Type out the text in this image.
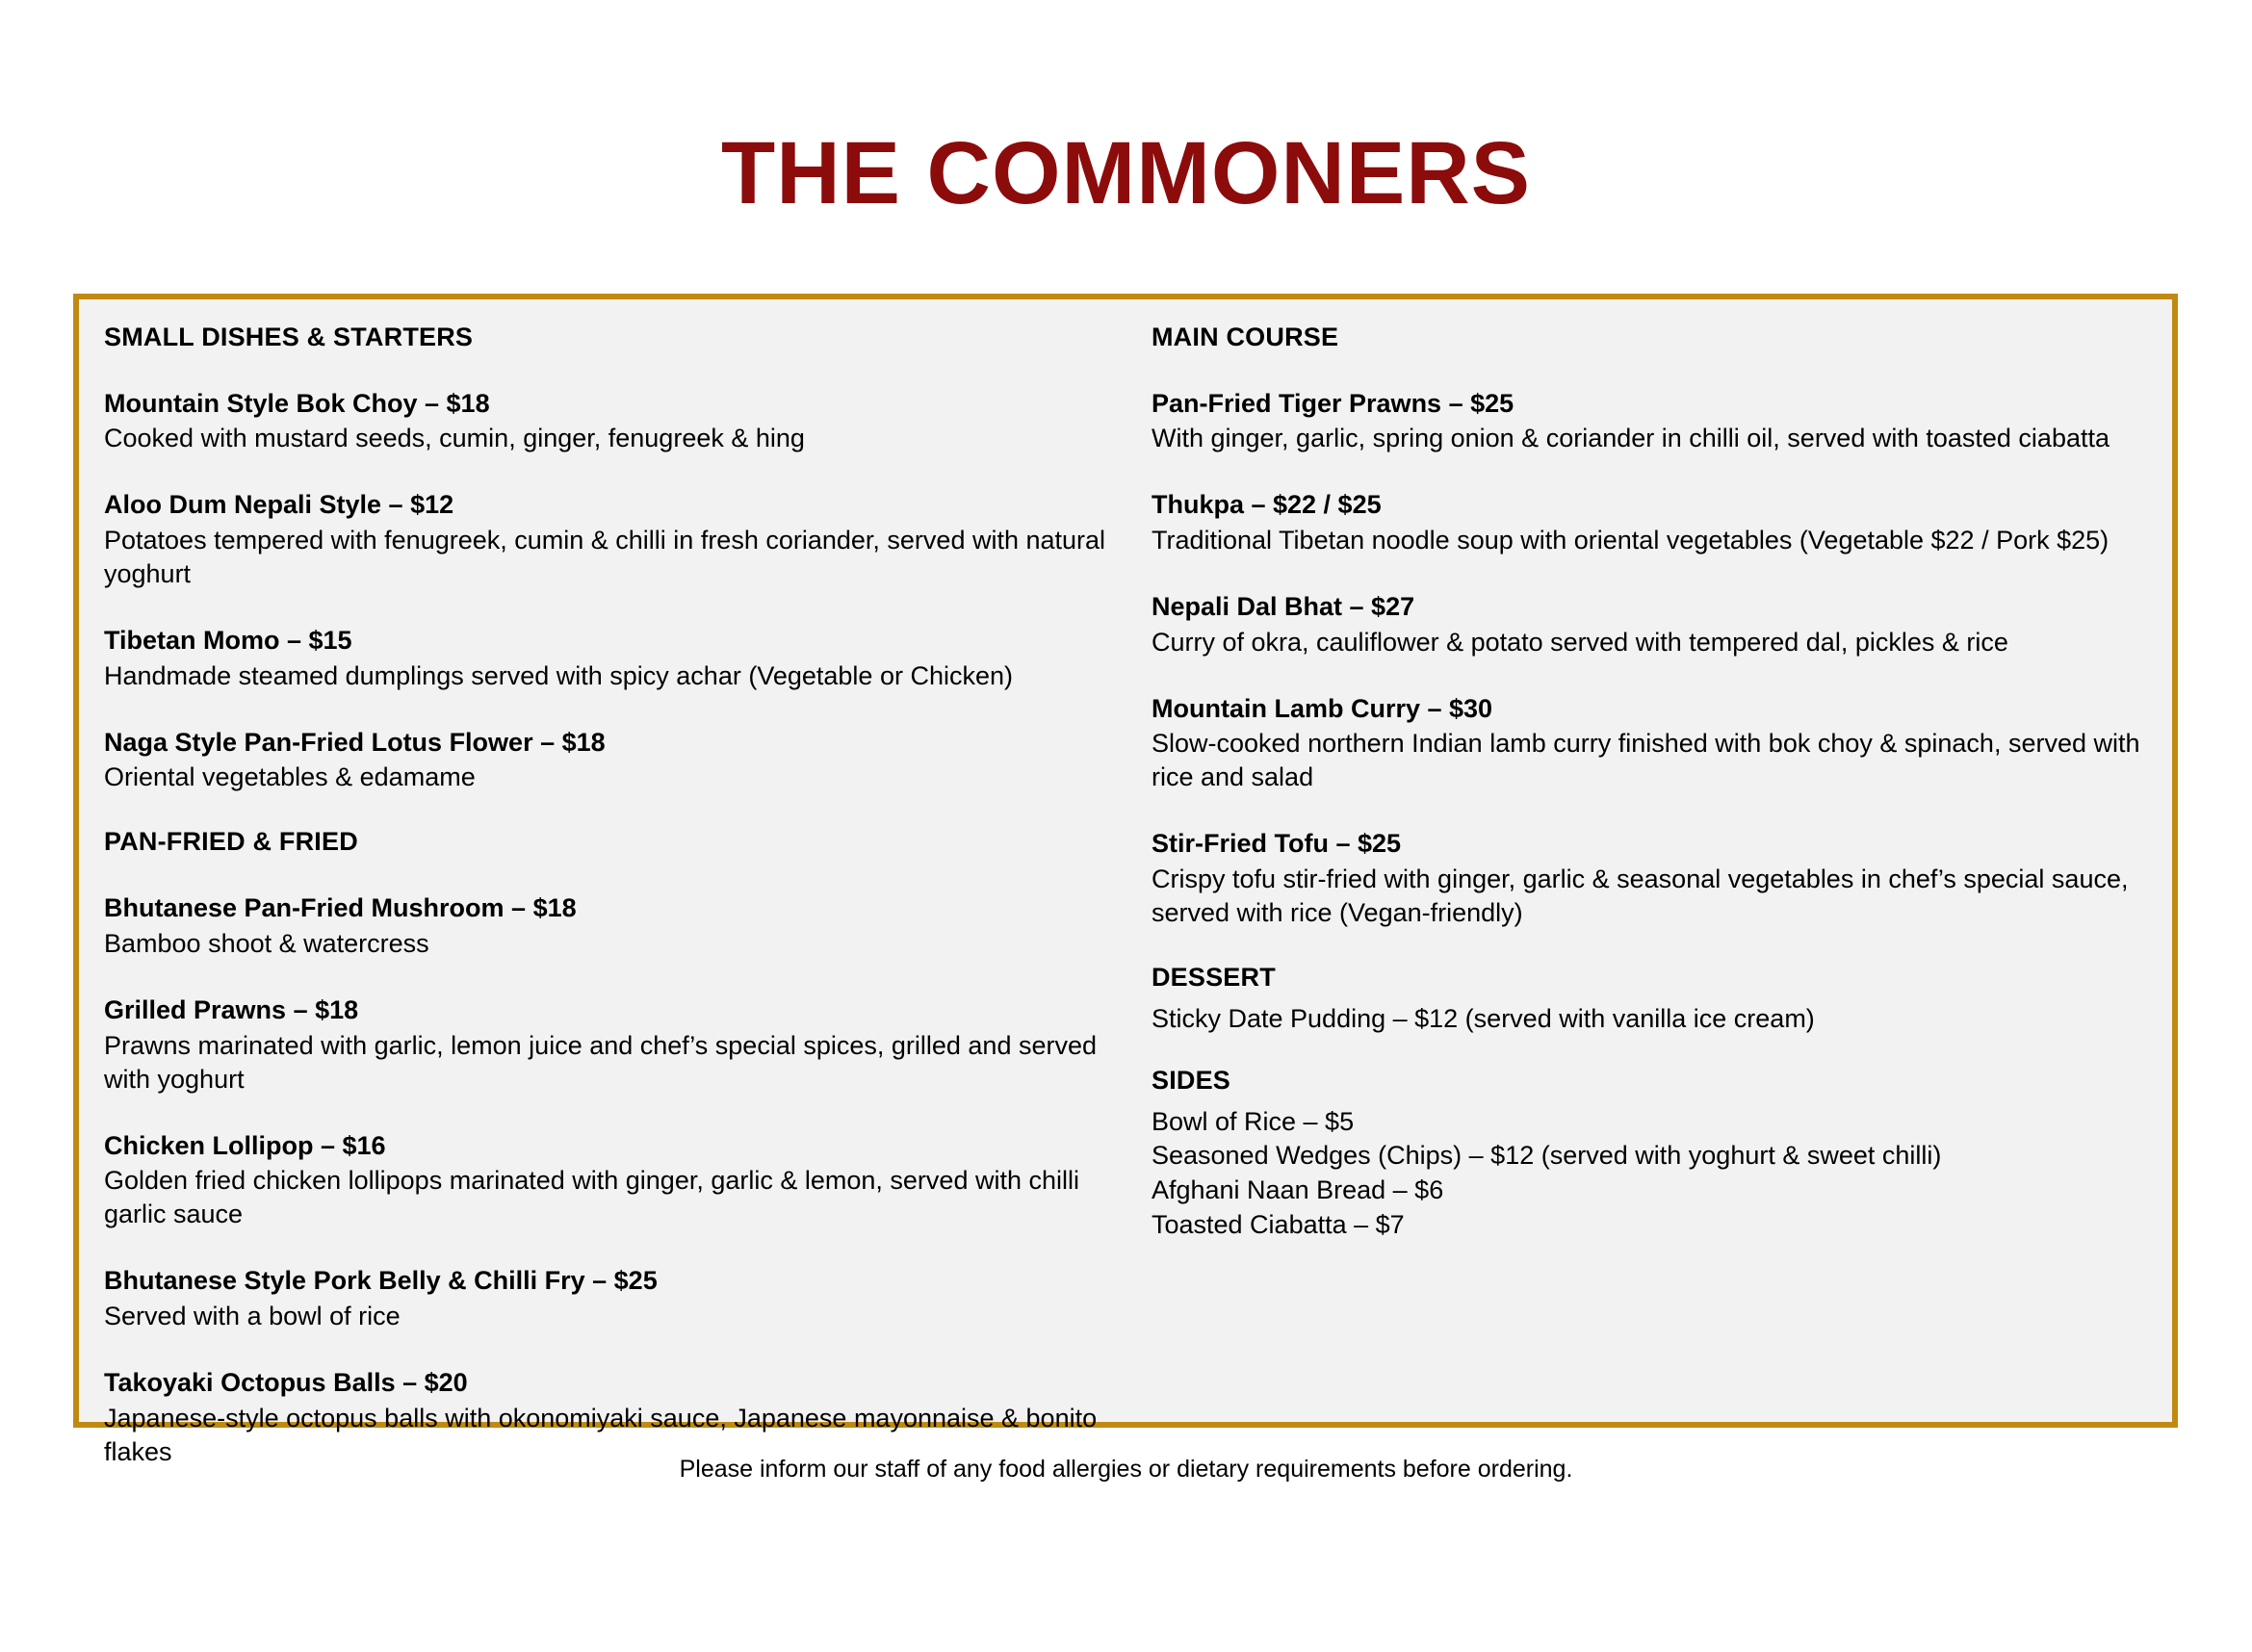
THE COMMONERS
SMALL DISHES & STARTERS
Mountain Style Bok Choy – $18
Cooked with mustard seeds, cumin, ginger, fenugreek & hing
Aloo Dum Nepali Style – $12
Potatoes tempered with fenugreek, cumin & chilli in fresh coriander, served with natural yoghurt
Tibetan Momo – $15
Handmade steamed dumplings served with spicy achar (Vegetable or Chicken)
Naga Style Pan-Fried Lotus Flower – $18
Oriental vegetables & edamame
PAN-FRIED & FRIED
Bhutanese Pan-Fried Mushroom – $18
Bamboo shoot & watercress
Grilled Prawns – $18
Prawns marinated with garlic, lemon juice and chef’s special spices, grilled and served with yoghurt
Chicken Lollipop – $16
Golden fried chicken lollipops marinated with ginger, garlic & lemon, served with chilli garlic sauce
Bhutanese Style Pork Belly & Chilli Fry – $25
Served with a bowl of rice
Takoyaki Octopus Balls – $20
Japanese-style octopus balls with okonomiyaki sauce, Japanese mayonnaise & bonito flakes
MAIN COURSE
Pan-Fried Tiger Prawns – $25
With ginger, garlic, spring onion & coriander in chilli oil, served with toasted ciabatta
Thukpa – $22 / $25
Traditional Tibetan noodle soup with oriental vegetables (Vegetable $22 / Pork $25)
Nepali Dal Bhat – $27
Curry of okra, cauliflower & potato served with tempered dal, pickles & rice
Mountain Lamb Curry – $30
Slow-cooked northern Indian lamb curry finished with bok choy & spinach, served with rice and salad
Stir-Fried Tofu – $25
Crispy tofu stir-fried with ginger, garlic & seasonal vegetables in chef’s special sauce, served with rice (Vegan-friendly)
DESSERT
Sticky Date Pudding – $12 (served with vanilla ice cream)
SIDES
Bowl of Rice – $5
Seasoned Wedges (Chips) – $12 (served with yoghurt & sweet chilli)
Afghani Naan Bread – $6
Toasted Ciabatta – $7
Please inform our staff of any food allergies or dietary requirements before ordering.
